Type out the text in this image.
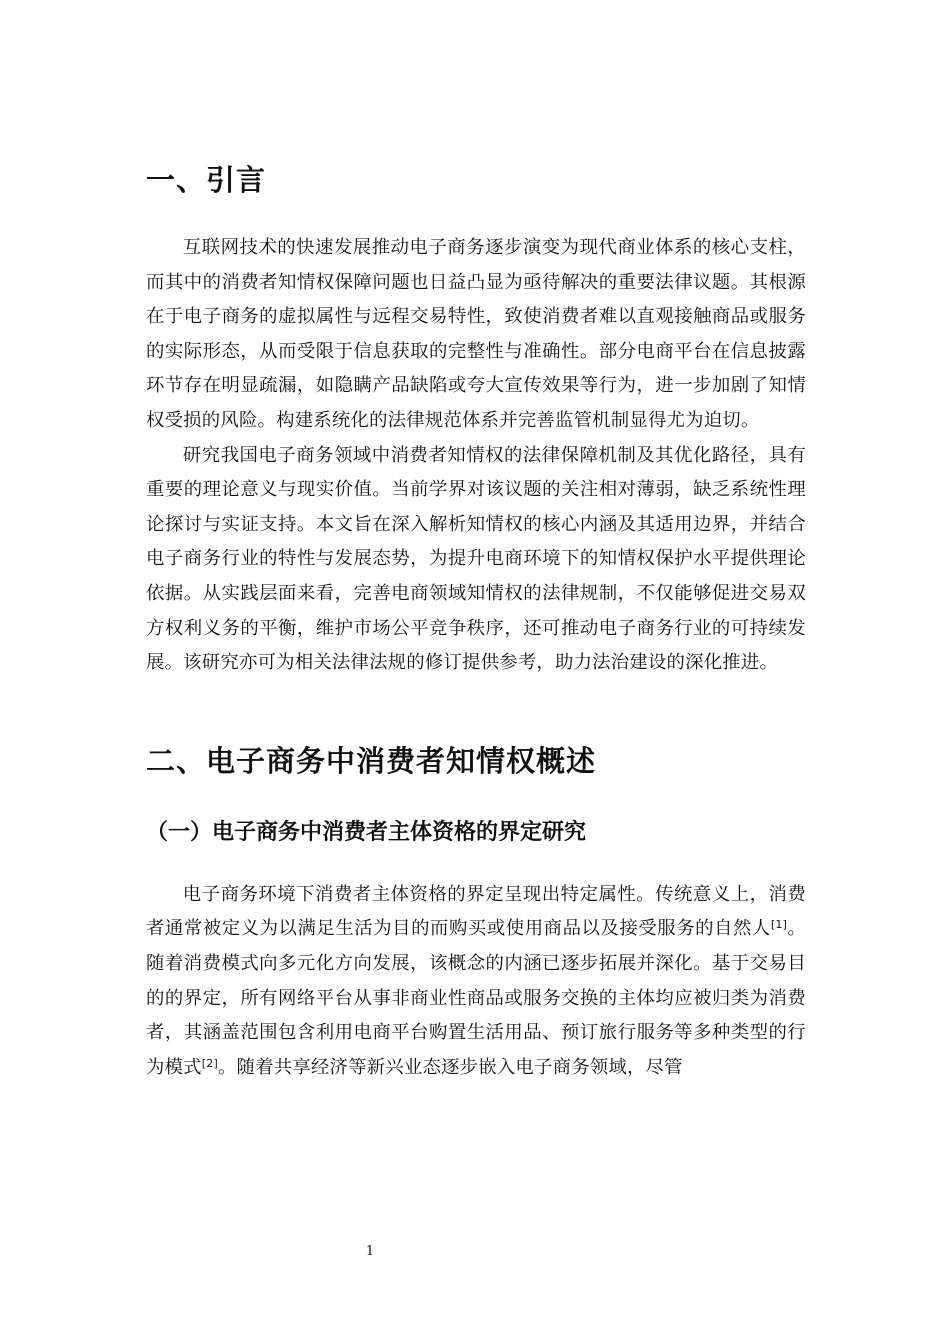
一、引言

互联网技术的快速发展推动电子商务逐步演变为现代商业体系的核心支柱，而其中的消费者知情权保障问题也日益凸显为亟待解决的重要法律议题。其根源在于电子商务的虚拟属性与远程交易特性，致使消费者难以直观接触商品或服务的实际形态，从而受限于信息获取的完整性与准确性。部分电商平台在信息披露环节存在明显疏漏，如隐瞒产品缺陷或夸大宣传效果等行为，进一步加剧了知情权受损的风险。构建系统化的法律规范体系并完善监管机制显得尤为迫切。

研究我国电子商务领域中消费者知情权的法律保障机制及其优化路径，具有重要的理论意义与现实价值。当前学界对该议题的关注相对薄弱，缺乏系统性理论探讨与实证支持。本文旨在深入解析知情权的核心内涵及其适用边界，并结合电子商务行业的特性与发展态势，为提升电商环境下的知情权保护水平提供理论依据。从实践层面来看，完善电商领域知情权的法律规制，不仅能够促进交易双方权利义务的平衡，维护市场公平竞争秩序，还可推动电子商务行业的可持续发展。该研究亦可为相关法律法规的修订提供参考，助力法治建设的深化推进。

二、电子商务中消费者知情权概述
（一）电子商务中消费者主体资格的界定研究

电子商务环境下消费者主体资格的界定呈现出特定属性。传统意义上，消费者通常被定义为以满足生活为目的而购买或使用商品以及接受服务的自然人[1]。随着消费模式向多元化方向发展，该概念的内涵已逐步拓展并深化。基于交易目的的界定，所有网络平台从事非商业性商品或服务交换的主体均应被归类为消费者，其涵盖范围包含利用电商平台购置生活用品、预订旅行服务等多种类型的行为模式[2]。随着共享经济等新兴业态逐步嵌入电子商务领域，尽管

1
